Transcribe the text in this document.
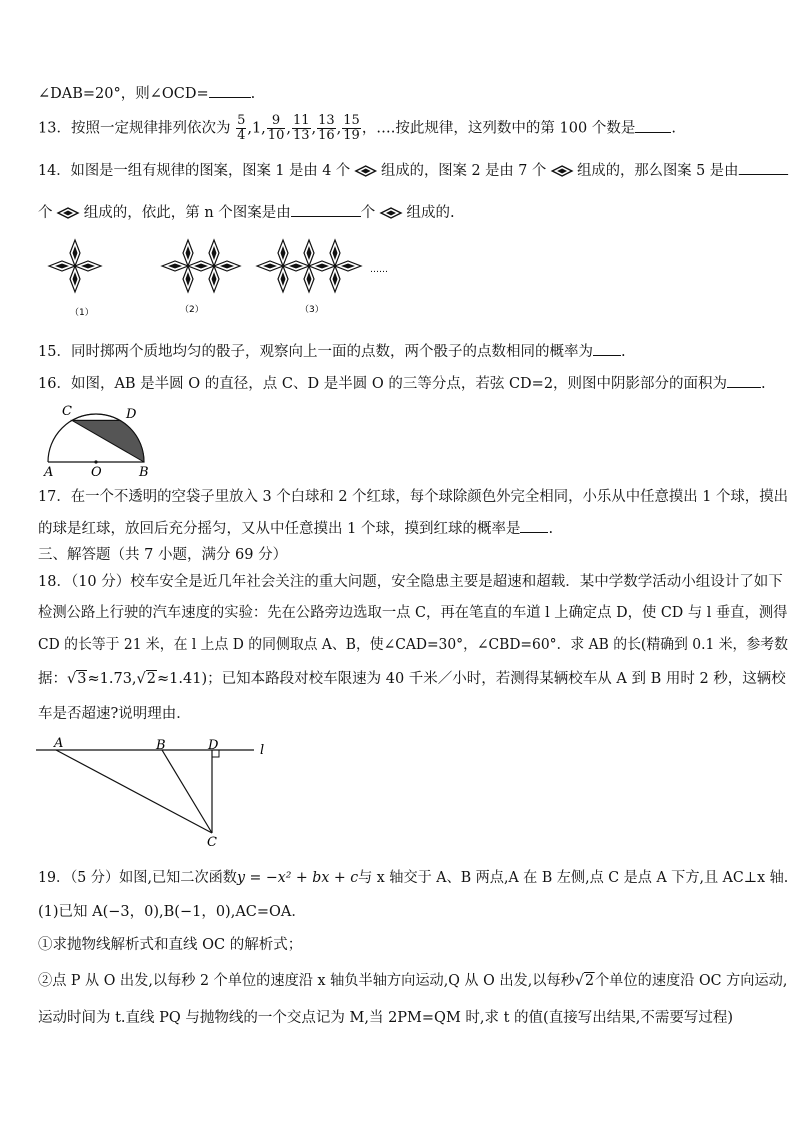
∠DAB=20°，则∠OCD=	.
13．按照一定规律排列依次为 $\frac{5}{4} ,1$, $\frac{9}{10}$ , $\frac{11}{13}$ , $\frac{13}{16}$ , $\frac{15}{19}$ ，….按此规律，这列数中的第 100 个数是 .
14．如图是一组有规律的图案，图案 1 是由 4 个 组成的，图案 2 是由 7 个 组成的，那么图案 5 是由
个 组成的，依此，第 n 个图案是由	个 组成的.
（1）	（2）	（3）
……
15．同时掷两个质地均匀的骰子，观察向上一面的点数，两个骰子的点数相同的概率为 .
16．如图，AB 是半圆 O 的直径，点 C、D 是半圆 O 的三等分点，若弦 CD=2，则图中阴影部分的面积为 .
C	D
A	O	B
17．在一个不透明的空袋子里放入 3 个白球和 2 个红球，每个球除颜色外完全相同，小乐从中任意摸出 1 个球，摸出
的球是红球，放回后充分摇匀，又从中任意摸出 1 个球，摸到红球的概率是 .
三、解答题（共 7 小题，满分 69 分）
18．（10 分）校车安全是近几年社会关注的重大问题，安全隐患主要是超速和超载．某中学数学活动小组设计了如下
检测公路上行驶的汽车速度的实验：先在公路旁边选取一点 C，再在笔直的车道 l 上确定点 D，使 CD 与 l 垂直，测得
CD 的长等于 21 米，在 l 上点 D 的同侧取点 A、B，使∠CAD=30°，∠CBD=60°．求 AB 的长(精确到 0.1 米，参考数
据：√3≈1.73,√2≈1.41)；已知本路段对校车限速为 40 千米／小时，若测得某辆校车从 A 到 B 用时 2 秒，这辆校
车是否超速?说明理由．
A	B	D	l
C
19．（5 分）如图,已知二次函数y = −x² + bx + c与 x 轴交于 A、B 两点,A 在 B 左侧,点 C 是点 A 下方,且 AC⊥x 轴.
(1)已知 A(−3，0),B(−1，0),AC=OA．
①求抛物线解析式和直线 OC 的解析式；
②点 P 从 O 出发,以每秒 2 个单位的速度沿 x 轴负半轴方向运动,Q 从 O 出发,以每秒√2个单位的速度沿 OC 方向运动,
运动时间为 t.直线 PQ 与抛物线的一个交点记为 M,当 2PM=QM 时,求 t 的值(直接写出结果,不需要写过程)
